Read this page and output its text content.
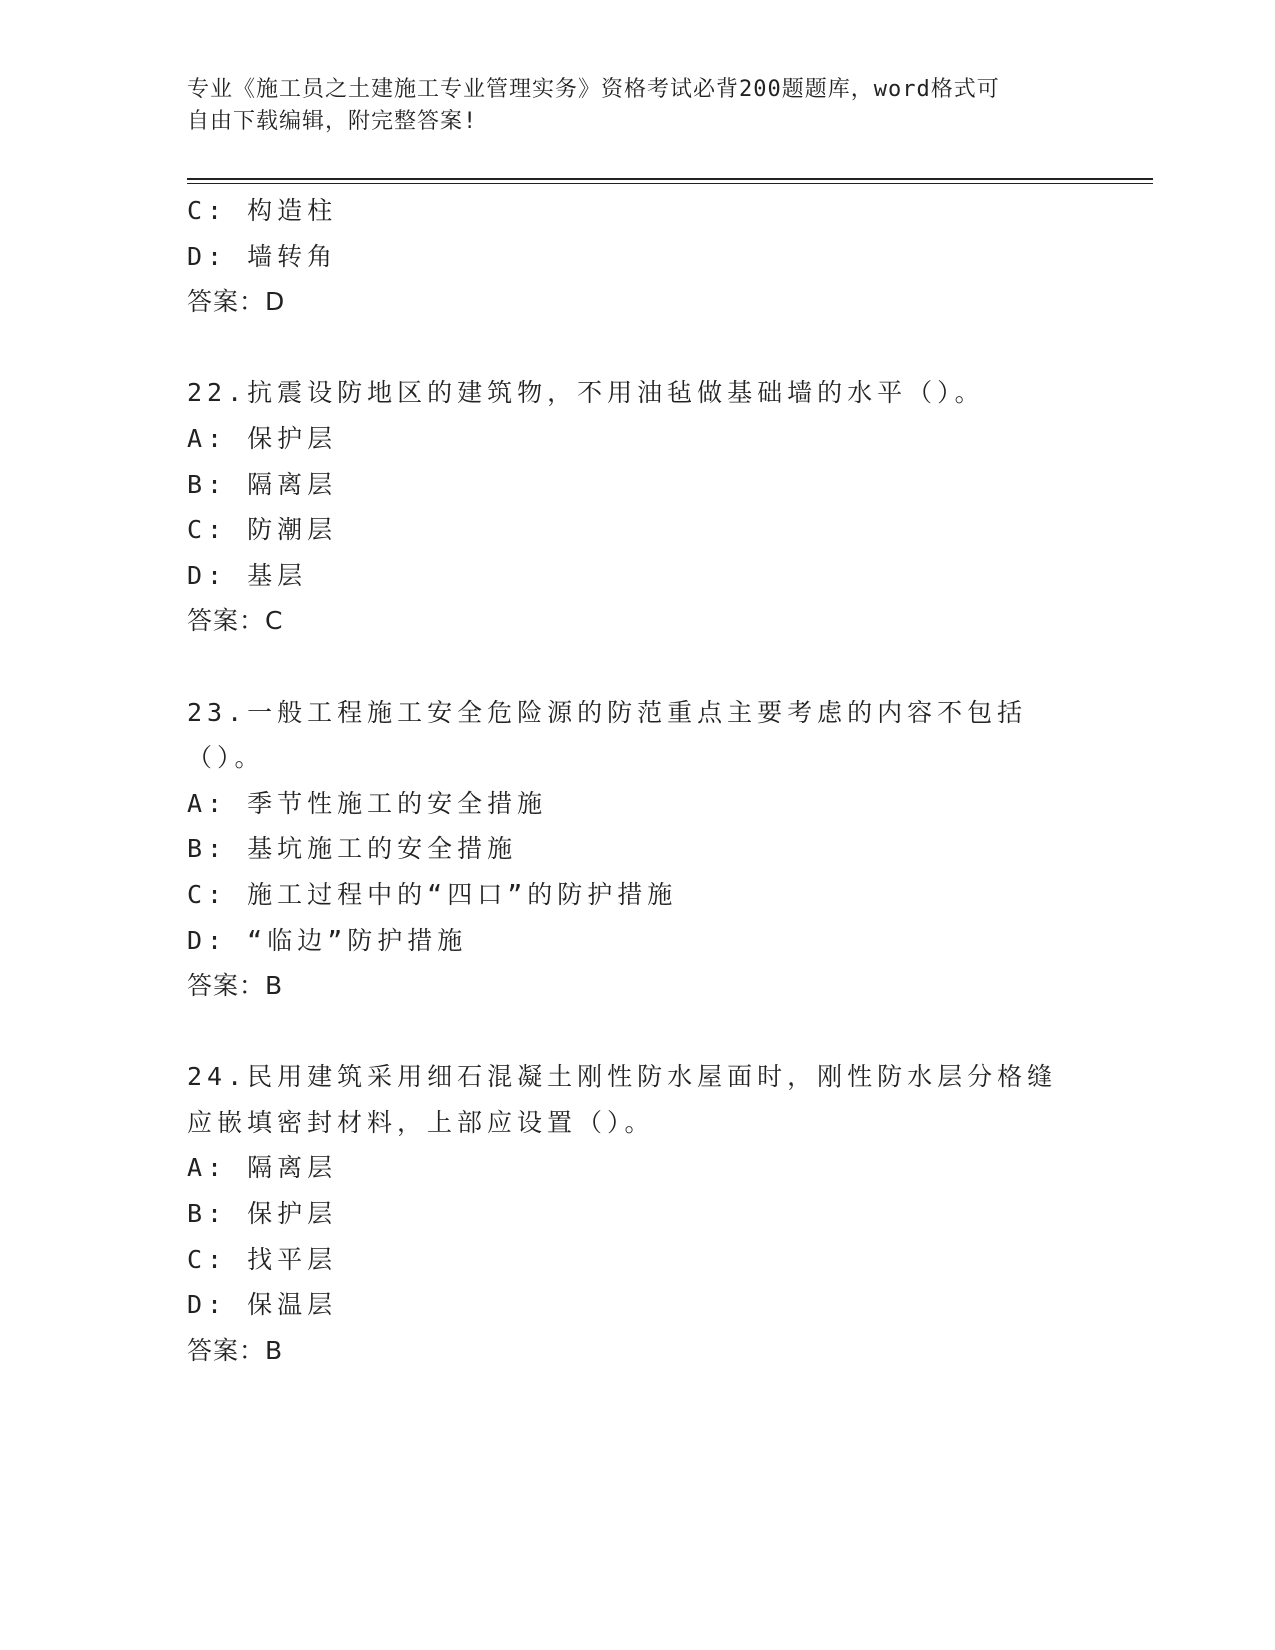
专业《施工员之土建施工专业管理实务》资格考试必背200题题库，word格式可
自由下载编辑，附完整答案!
C: 构造柱
D: 墙转角
答案：D
22.抗震设防地区的建筑物，不用油毡做基础墙的水平（）。
A: 保护层
B: 隔离层
C: 防潮层
D: 基层
答案：C
23.一般工程施工安全危险源的防范重点主要考虑的内容不包括（）。
A: 季节性施工的安全措施
B: 基坑施工的安全措施
C: 施工过程中的“四口”的防护措施
D: “临边”防护措施
答案：B
24.民用建筑采用细石混凝土刚性防水屋面时，刚性防水层分格缝应嵌填密封材料，上部应设置（）。
A: 隔离层
B: 保护层
C: 找平层
D: 保温层
答案：B
